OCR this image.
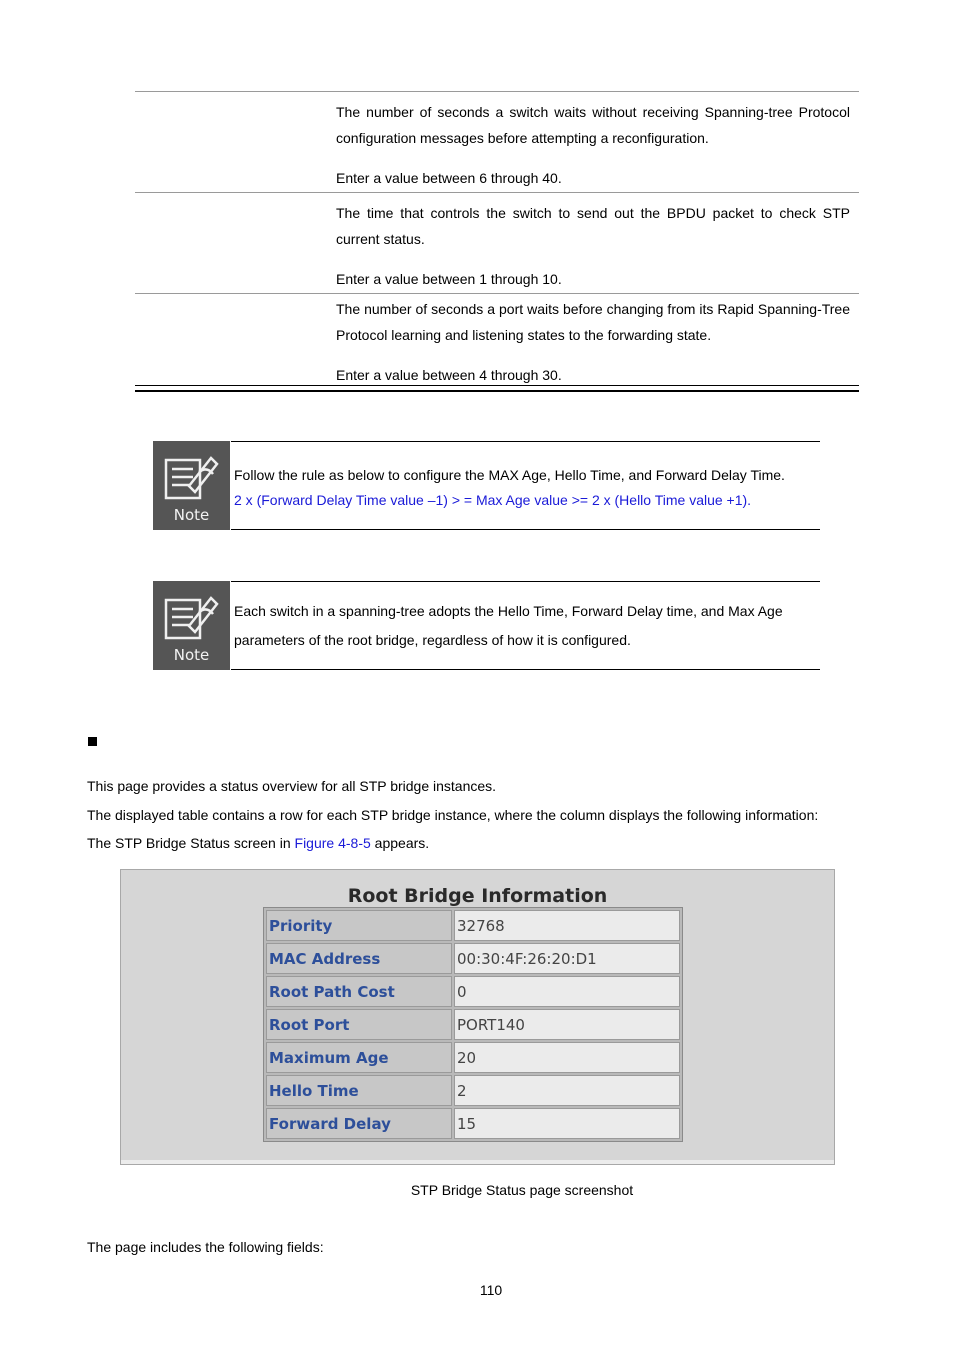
The number of seconds a switch waits without receiving Spanning-tree Protocol configuration messages before attempting a reconfiguration.

Enter a value between 6 through 40.

The time that controls the switch to send out the BPDU packet to check STP current status.

Enter a value between 1 through 10.

The number of seconds a port waits before changing from its Rapid Spanning-Tree Protocol learning and listening states to the forwarding state.

Enter a value between 4 through 30.

Note
Follow the rule as below to configure the MAX Age, Hello Time, and Forward Delay Time.
2 x (Forward Delay Time value –1) > = Max Age value >= 2 x (Hello Time value +1).
Note
Each switch in a spanning-tree adopts the Hello Time, Forward Delay time, and Max Age
parameters of the root bridge, regardless of how it is configured.
This page provides a status overview for all STP bridge instances.
The displayed table contains a row for each STP bridge instance, where the column displays the following information:
The STP Bridge Status screen in Figure 4-8-5 appears.
Root Bridge Information
Priority	32768
MAC Address	00:30:4F:26:20:D1
Root Path Cost	0
Root Port	PORT140
Maximum Age	20
Hello Time	2
Forward Delay	15
STP Bridge Status page screenshot
The page includes the following fields:
110
